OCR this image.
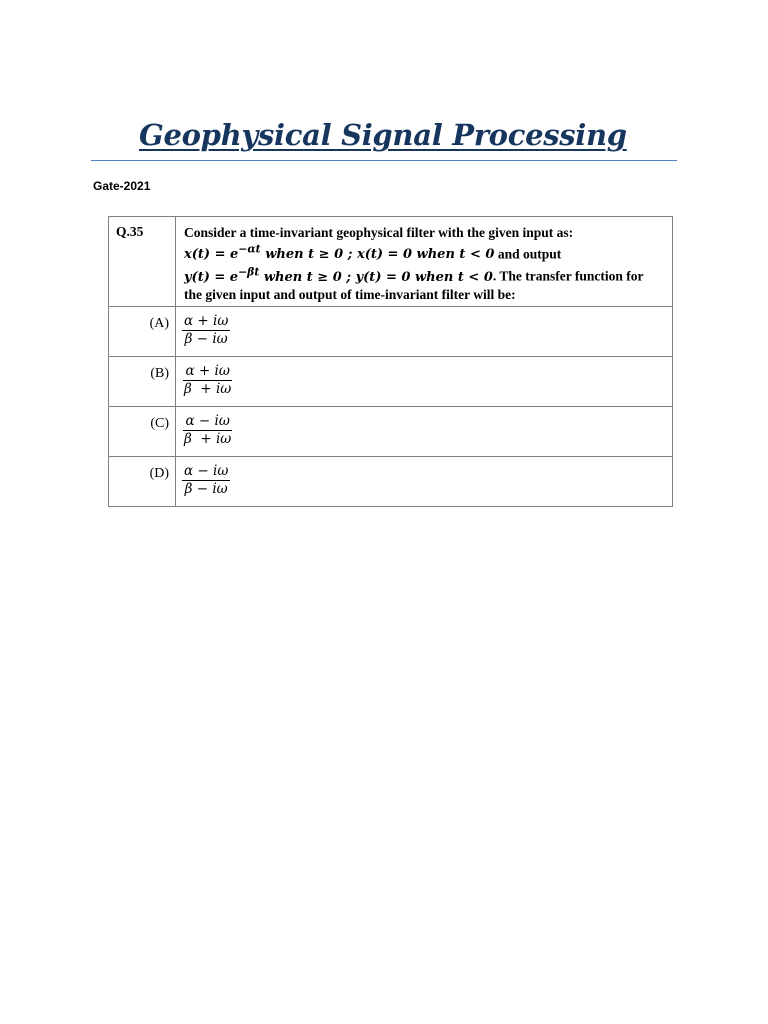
Geophysical Signal Processing
Gate-2021
Q.35	Consider a time-invariant geophysical filter with the given input as:
$x(t) = e^{-\alpha t}$ when t ≥ 0 ; x(t) = 0 when t < 0 and output
$y(t) = e^{-\beta t}$ when t ≥ 0 ; y(t) = 0 when t < 0. The transfer function for
the given input and output of time-invariant filter will be:

(A)	$\frac{\alpha + i\omega}{\beta - i\omega}$

(B)	$\frac{\alpha + i\omega}{\beta + i\omega}$

(C)	$\frac{\alpha - i\omega}{\beta + i\omega}$

(D)	$\frac{\alpha - i\omega}{\beta - i\omega}$
